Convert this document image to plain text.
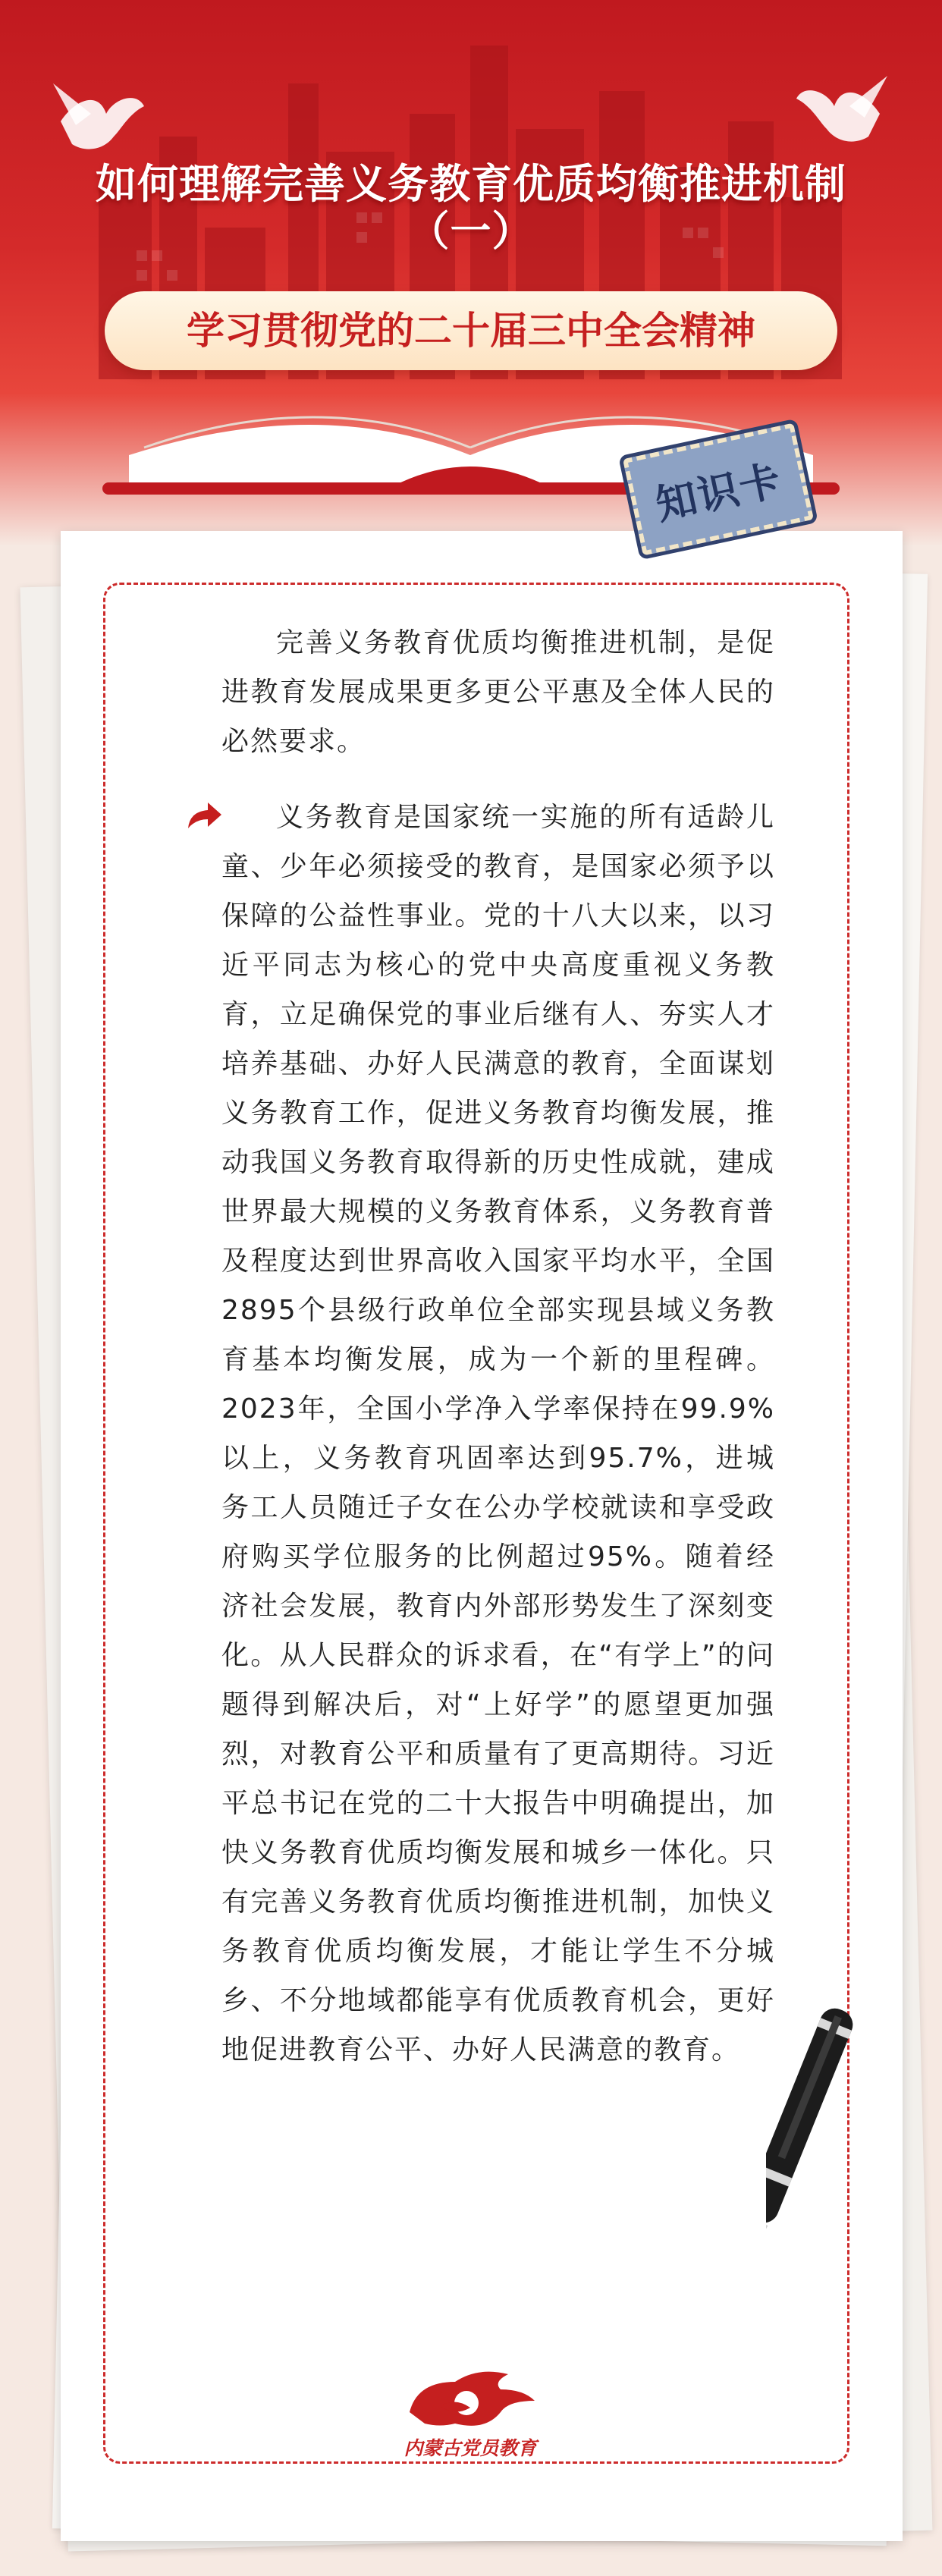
如何理解完善义务教育优质均衡推进机制
（一）
学习贯彻党的二十届三中全会精神
知识卡

完善义务教育优质均衡推进机制，是促进教育发展成果更多更公平惠及全体人民的必然要求。

义务教育是国家统一实施的所有适龄儿童、少年必须接受的教育，是国家必须予以保障的公益性事业。党的十八大以来，以习近平同志为核心的党中央高度重视义务教育，立足确保党的事业后继有人、夯实人才培养基础、办好人民满意的教育，全面谋划义务教育工作，促进义务教育均衡发展，推动我国义务教育取得新的历史性成就，建成世界最大规模的义务教育体系，义务教育普及程度达到世界高收入国家平均水平，全国2895个县级行政单位全部实现县域义务教育基本均衡发展，成为一个新的里程碑。2023年，全国小学净入学率保持在99.9%以上，义务教育巩固率达到95.7%，进城务工人员随迁子女在公办学校就读和享受政府购买学位服务的比例超过95%。随着经济社会发展，教育内外部形势发生了深刻变化。从人民群众的诉求看，在“有学上”的问题得到解决后，对“上好学”的愿望更加强烈，对教育公平和质量有了更高期待。习近平总书记在党的二十大报告中明确提出，加快义务教育优质均衡发展和城乡一体化。只有完善义务教育优质均衡推进机制，加快义务教育优质均衡发展，才能让学生不分城乡、不分地域都能享有优质教育机会，更好地促进教育公平、办好人民满意的教育。

内蒙古党员教育
